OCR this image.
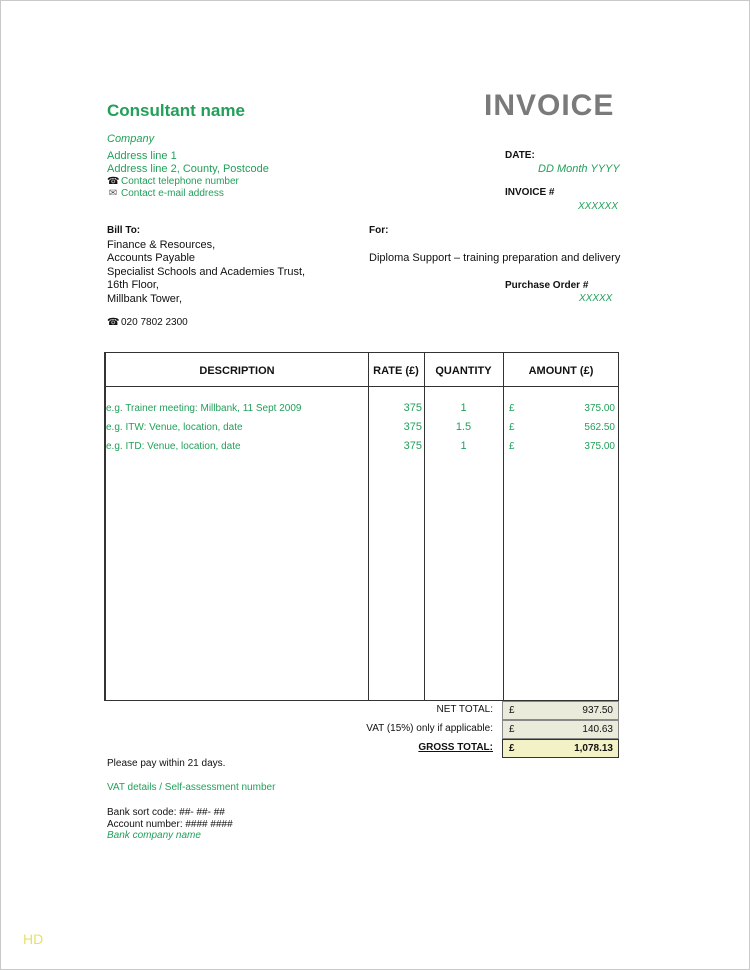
Consultant name	INVOICE
Company
Address line 1
Address line 2, County, Postcode
☎ Contact telephone number
✉ Contact e-mail address
DATE:
DD Month YYYY
INVOICE #
XXXXXX
Bill To:
Finance & Resources,
Accounts Payable
Specialist Schools and Academies Trust,
16th Floor,
Millbank Tower,
☎ 020 7802 2300
For:
Diploma Support – training preparation and delivery
Purchase Order #
XXXXX
DESCRIPTION	RATE (£)	QUANTITY	AMOUNT (£)
e.g. Trainer meeting: Millbank, 11 Sept 2009	375	1	£	375.00
e.g. ITW: Venue, location, date	375	1.5	£	562.50
e.g. ITD: Venue, location, date	375	1	£	375.00
NET TOTAL: £	937.50
VAT (15%) only if applicable: £	140.63
GROSS TOTAL: £	1,078.13
Please pay within 21 days.
VAT details / Self-assessment number
Bank sort code: ##- ##- ##
Account number: #### ####
Bank company name
HD
